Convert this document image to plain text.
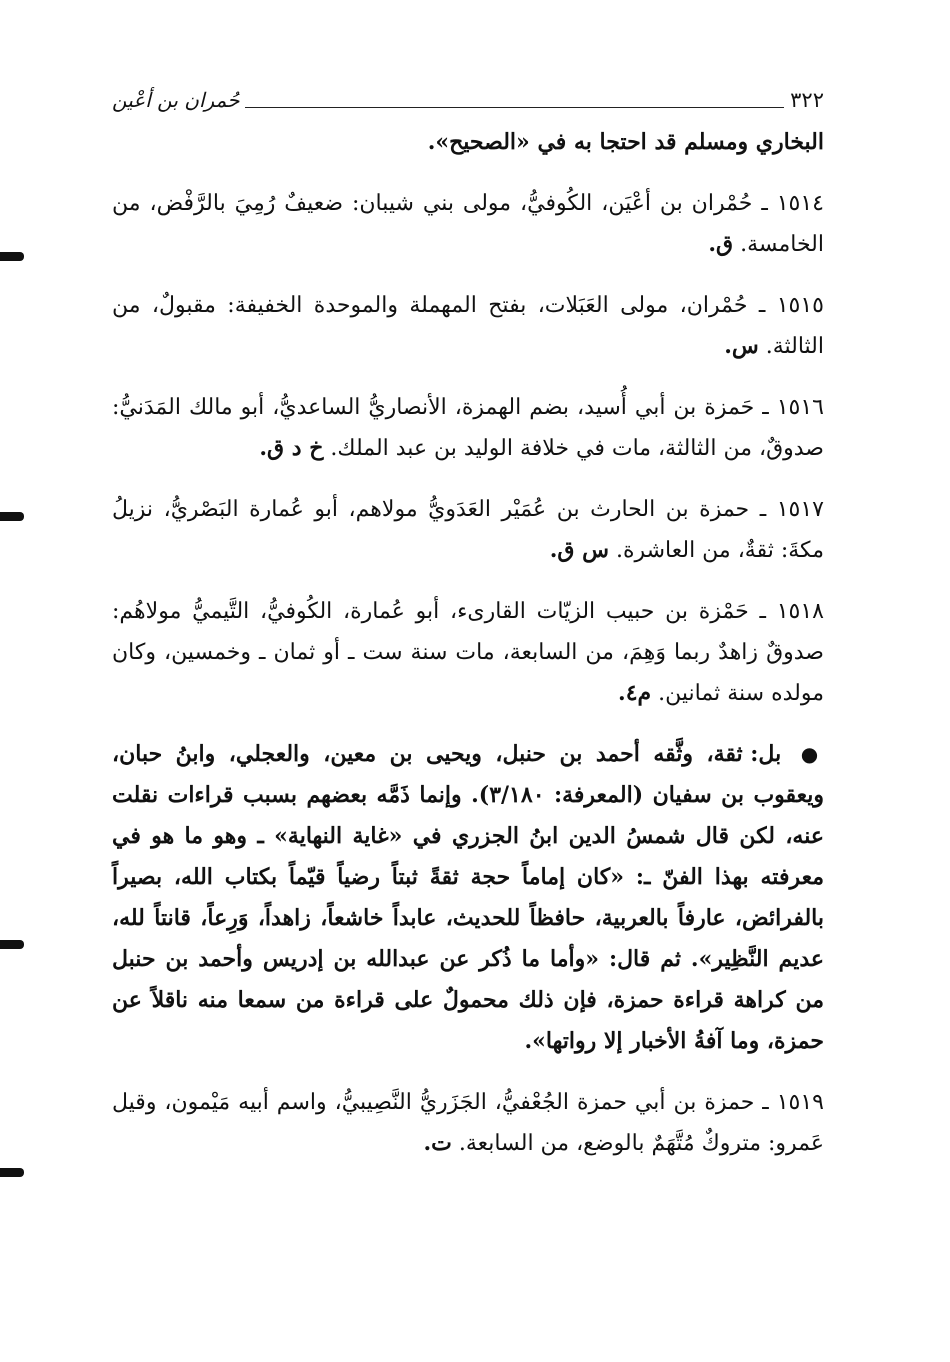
٣٢٢
حُمران بن أعْين

البخاري ومسلم قد احتجا به في «الصحيح».

١٥١٤ ـ حُمْران بن أعْيَن، الكُوفيُّ، مولى بني شيبان: ضعيفٌ رُمِيَ بالرَّفْض، من الخامسة. ق.

١٥١٥ ـ حُمْران، مولى العَبَلات، بفتح المهملة والموحدة الخفيفة: مقبولٌ، من الثالثة. س.

١٥١٦ ـ حَمزة بن أبي أُسيد، بضم الهمزة، الأنصاريُّ الساعديُّ، أبو مالك المَدَنيُّ: صدوقٌ، من الثالثة، مات في خلافة الوليد بن عبد الملك. خ د ق.

١٥١٧ ـ حمزة بن الحارث بن عُمَيْر العَدَويُّ مولاهم، أبو عُمارة البَصْريُّ، نزيلُ مكةَ: ثقةٌ، من العاشرة. س ق.

١٥١٨ ـ حَمْزة بن حبيب الزيّات القارىء، أبو عُمارة، الكُوفيُّ، التَّيميُّ مولاهُم: صدوقٌ زاهدٌ ربما وَهِمَ، من السابعة، مات سنة ست ـ أو ثمان ـ وخمسين، وكان مولده سنة ثمانين. م٤.

● بل: ثقة، وثَّقه أحمد بن حنبل، ويحيى بن معين، والعجلي، وابنُ حبان، ويعقوب بن سفيان (المعرفة: ٣/١٨٠). وإنما ذَمَّه بعضهم بسبب قراءات نقلت عنه، لكن قال شمسُ الدين ابنُ الجزري في «غاية النهاية» ـ وهو ما هو في معرفته بهذا الفنّ ـ: «كان إماماً حجة ثقةً ثبتاً رضياً قيّماً بكتاب الله، بصيراً بالفرائض، عارفاً بالعربية، حافظاً للحديث، عابداً خاشعاً، زاهداً، وَرِعاً، قانتاً لله، عديم النَّظِير». ثم قال: «وأما ما ذُكر عن عبدالله بن إدريس وأحمد بن حنبل من كراهة قراءة حمزة، فإن ذلك محمولٌ على قراءة من سمعا منه ناقلاً عن حمزة، وما آفةُ الأخبار إلا رواتها».

١٥١٩ ـ حمزة بن أبي حمزة الجُعْفيُّ، الجَزَريُّ النَّصِيبيُّ، واسم أبيه مَيْمون، وقيل عَمرو: متروكٌ مُتَّهَمٌ بالوضع، من السابعة. ت.
